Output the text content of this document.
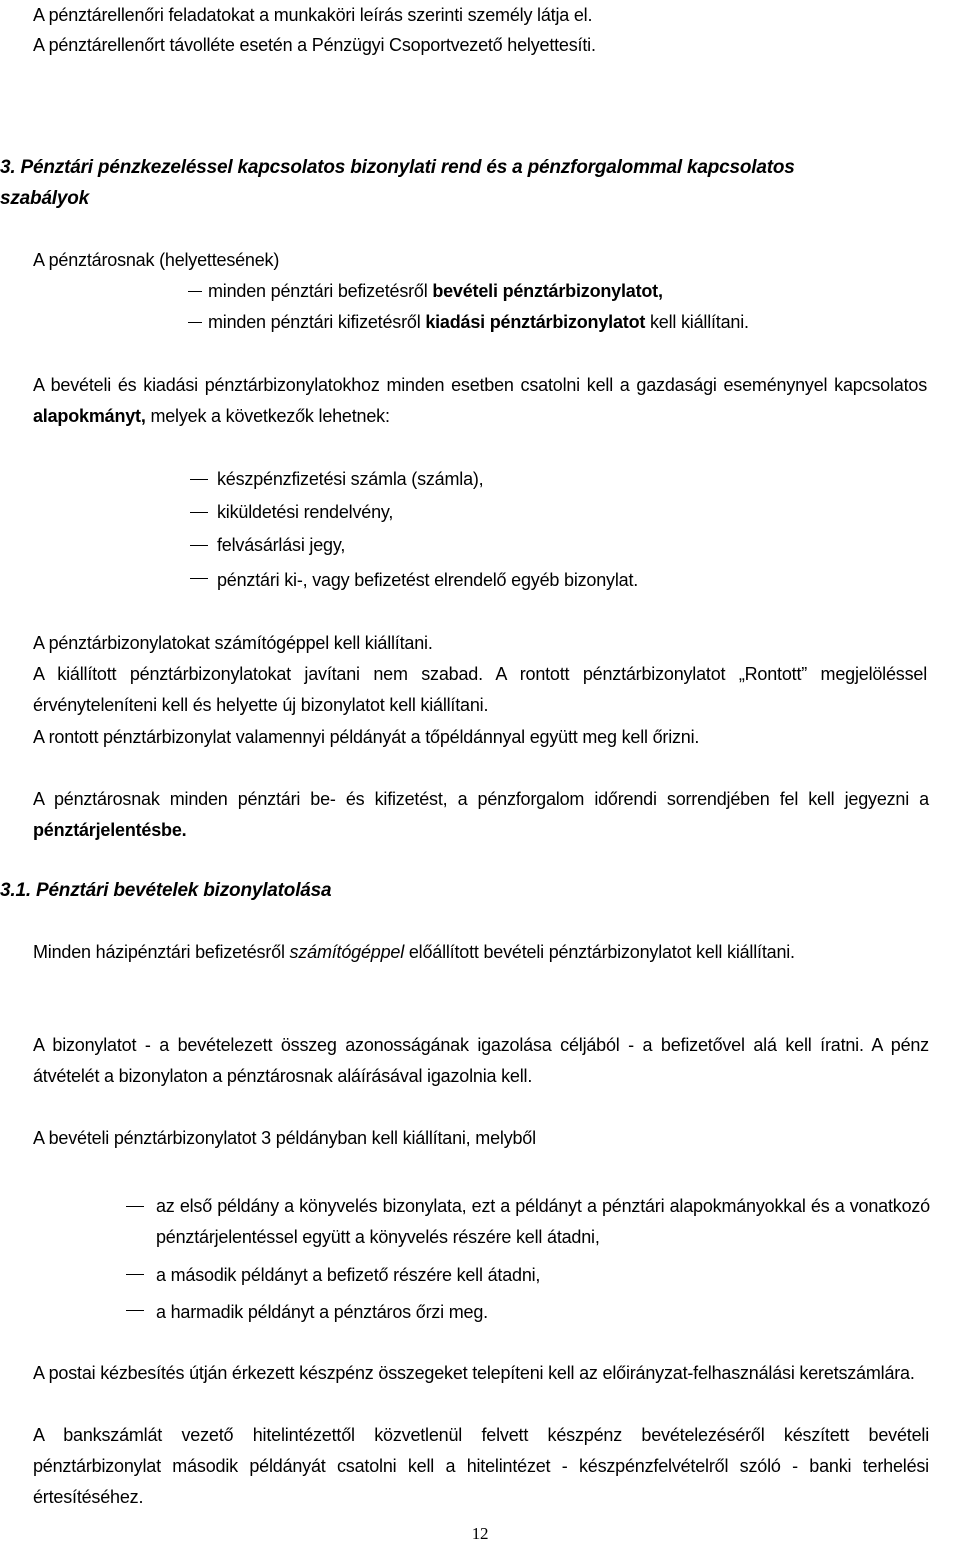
A pénztárellenőri feladatokat a munkaköri leírás szerinti személy látja el.

A pénztárellenőrt távolléte esetén a Pénzügyi Csoportvezető helyettesíti.

3. Pénztári pénzkezeléssel kapcsolatos bizonylati rend és a pénzforgalommal kapcsolatos
szabályok

A pénztárosnak (helyettesének)

minden pénztári befizetésről bevételi pénztárbizonylatot,
minden pénztári kifizetésről kiadási pénztárbizonylatot kell kiállítani.

A bevételi és kiadási pénztárbizonylatokhoz minden esetben csatolni kell a gazdasági eseménynyel kapcsolatos alapokmányt, melyek a következők lehetnek:

készpénzfizetési számla (számla),
kiküldetési rendelvény,
felvásárlási jegy,
pénztári ki-, vagy befizetést elrendelő egyéb bizonylat.

A pénztárbizonylatokat számítógéppel kell kiállítani.

A kiállított pénztárbizonylatokat javítani nem szabad. A rontott pénztárbizonylatot „Rontott” megjelöléssel érvényteleníteni kell és helyette új bizonylatot kell kiállítani.

A rontott pénztárbizonylat valamennyi példányát a tőpéldánnyal együtt meg kell őrizni.

A pénztárosnak minden pénztári be- és kifizetést, a pénzforgalom időrendi sorrendjében fel kell jegyezni a pénztárjelentésbe.

3.1. Pénztári bevételek bizonylatolása

Minden házipénztári befizetésről számítógéppel előállított bevételi pénztárbizonylatot kell kiállítani.

A bizonylatot - a bevételezett összeg azonosságának igazolása céljából - a befizetővel alá kell íratni. A pénz átvételét a bizonylaton a pénztárosnak aláírásával igazolnia kell.

A bevételi pénztárbizonylatot 3 példányban kell kiállítani, melyből

az első példány a könyvelés bizonylata, ezt a példányt a pénztári alapokmányokkal és a vonatkozó pénztárjelentéssel együtt a könyvelés részére kell átadni,

a második példányt a befizető részére kell átadni,
a harmadik példányt a pénztáros őrzi meg.

A postai kézbesítés útján érkezett készpénz összegeket telepíteni kell az előirányzat-felhasználási keretszámlára.

A bankszámlát vezető hitelintézettől közvetlenül felvett készpénz bevételezéséről készített bevételi pénztárbizonylat második példányát csatolni kell a hitelintézet - készpénzfelvételről szóló - banki terhelési értesítéséhez.

12
